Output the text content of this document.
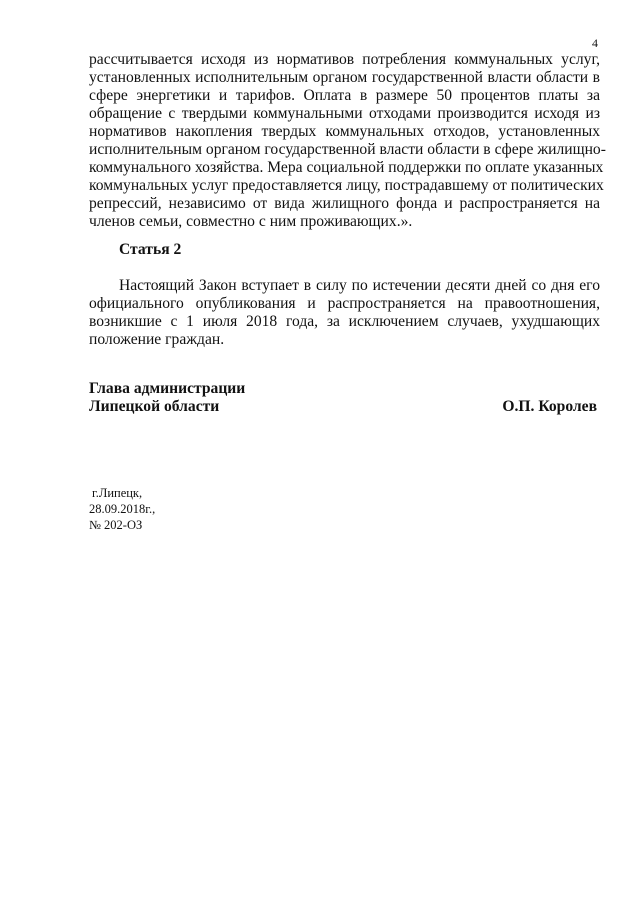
4
рассчитывается исходя из нормативов потребления коммунальных услуг,
установленных исполнительным органом государственной власти области в
сфере энергетики и тарифов. Оплата в размере 50 процентов платы за
обращение с твердыми коммунальными отходами производится исходя из
нормативов накопления твердых коммунальных отходов, установленных
исполнительным органом государственной власти области в сфере жилищно-
коммунального хозяйства. Мера социальной поддержки по оплате указанных
коммунальных услуг предоставляется лицу, пострадавшему от политических
репрессий, независимо от вида жилищного фонда и распространяется на
членов семьи, совместно с ним проживающих.».
Статья 2
Настоящий Закон вступает в силу по истечении десяти дней со дня его
официального опубликования и распространяется на правоотношения,
возникшие с 1 июля 2018 года, за исключением случаев, ухудшающих
положение граждан.
Глава администрации
Липецкой области	О.П. Королев
г.Липецк,
28.09.2018г.,
№ 202-ОЗ
